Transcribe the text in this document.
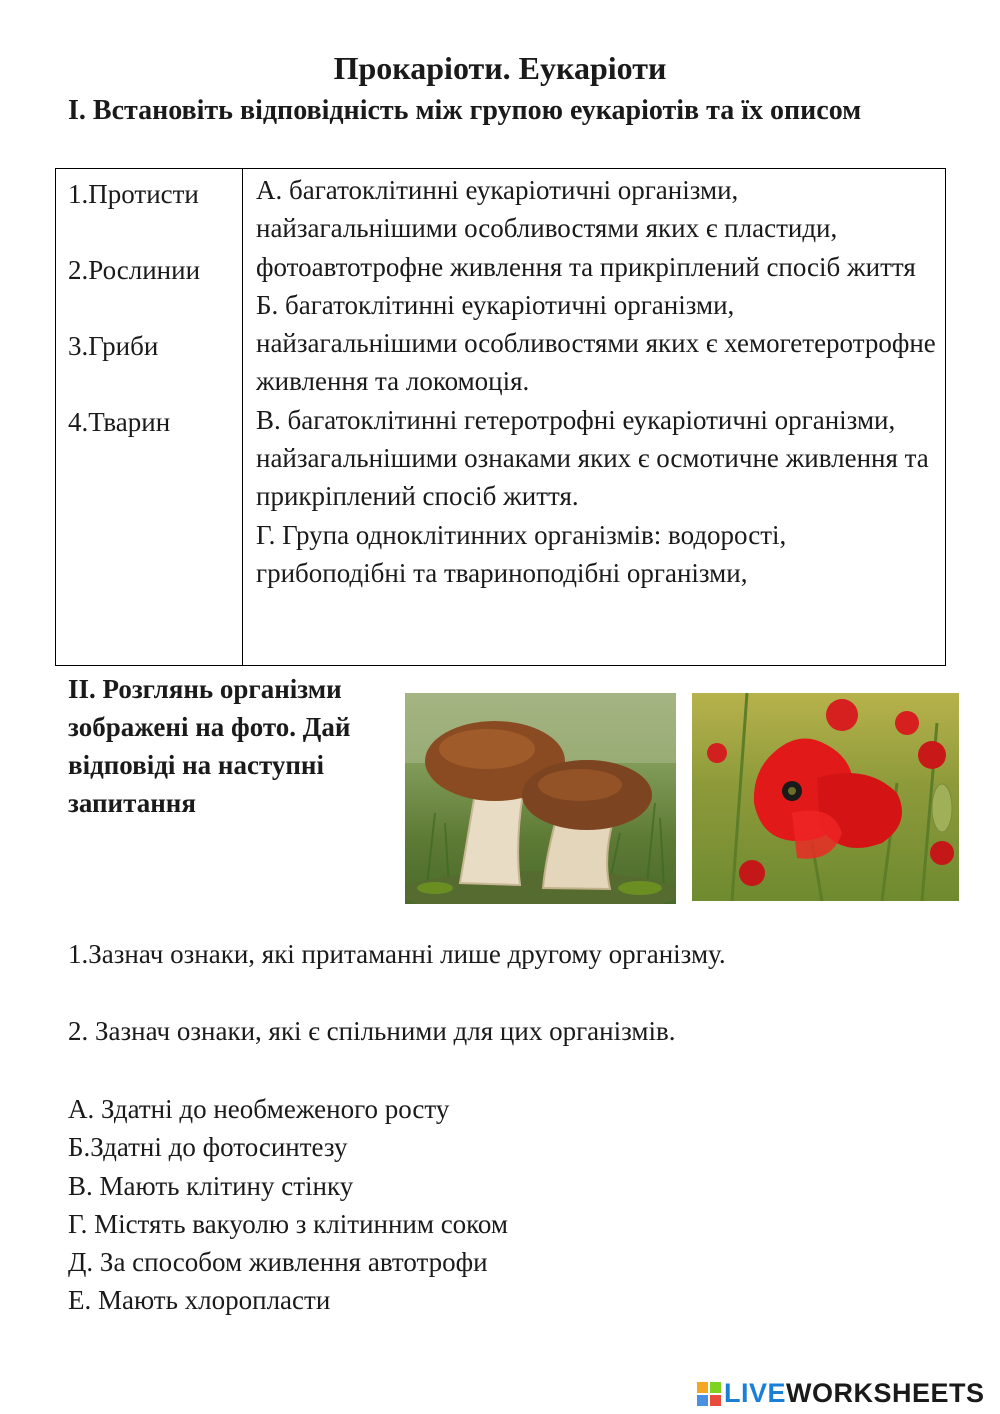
Прокаріоти. Еукаріоти
I. Встановіть відповідність між групою еукаріотів та їх описом
1.Протисти
2.Рослинии
3.Гриби
4.Тварин

А. багатоклітинні еукаріотичні організми, найзагальнішими особливостями яких є пластиди, фотоавтотрофне живлення та прикріплений спосіб життя

Б. багатоклітинні еукаріотичні організми, найзагальнішими особливостями яких є хемогетеротрофне живлення та локомоція.

В. багатоклітинні гетеротрофні еукаріотичні організми, найзагальнішими ознаками яких є осмотичне живлення та прикріплений спосіб життя.

Г. Група одноклітинних організмів: водорості, грибоподібні та твариноподібні організми,

II. Розглянь організми зображені на фото. Дай відповіді на наступні запитання

1.Зазнач ознаки, які притаманні лише другому організму.

2. Зазнач ознаки, які є спільними для цих організмів.

А. Здатні до необмеженого росту
Б.Здатні до фотосинтезу
В. Мають клітину стінку
Г. Містять вакуолю з клітинним соком
Д. За способом живлення автотрофи
Е. Мають хлоропласти
LIVE WORKSHEETS
